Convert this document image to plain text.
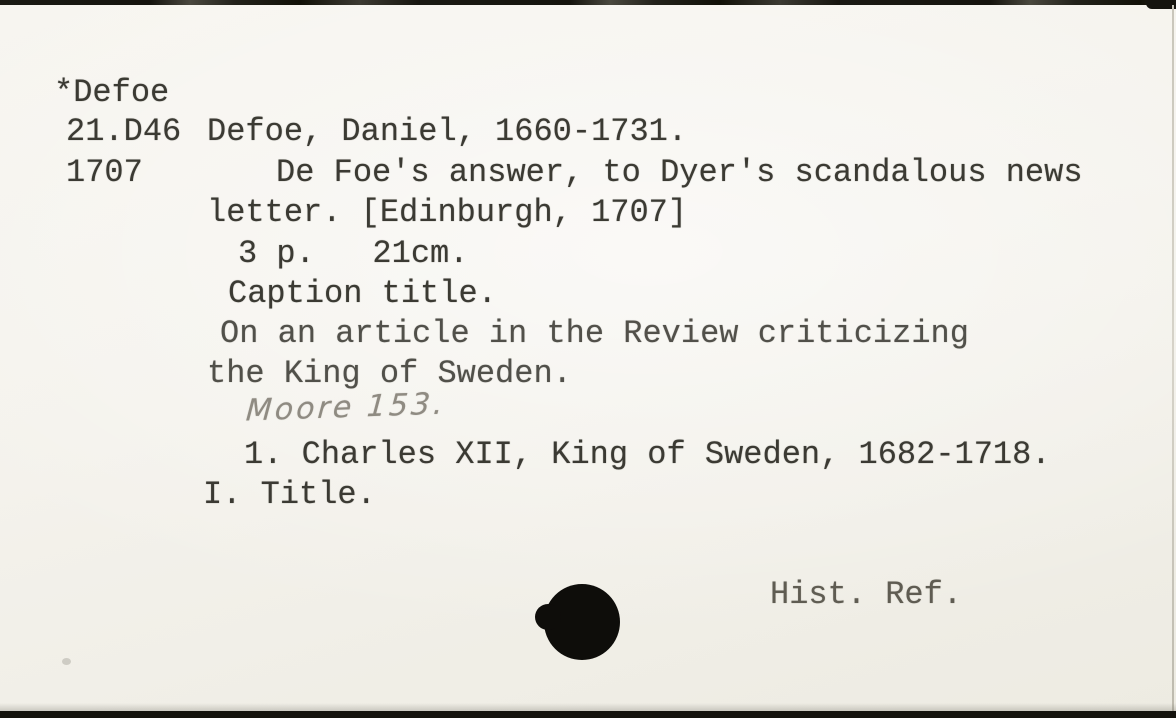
*Defoe
21.D46 Defoe, Daniel, 1660-1731.
1707	De Foe's answer, to Dyer's scandalous news
letter. [Edinburgh, 1707]
3 p.   21cm.
Caption title.
On an article in the Review criticizing
the King of Sweden.
Moore 153.
1. Charles XII, King of Sweden, 1682-1718.
I. Title.
Hist. Ref.
